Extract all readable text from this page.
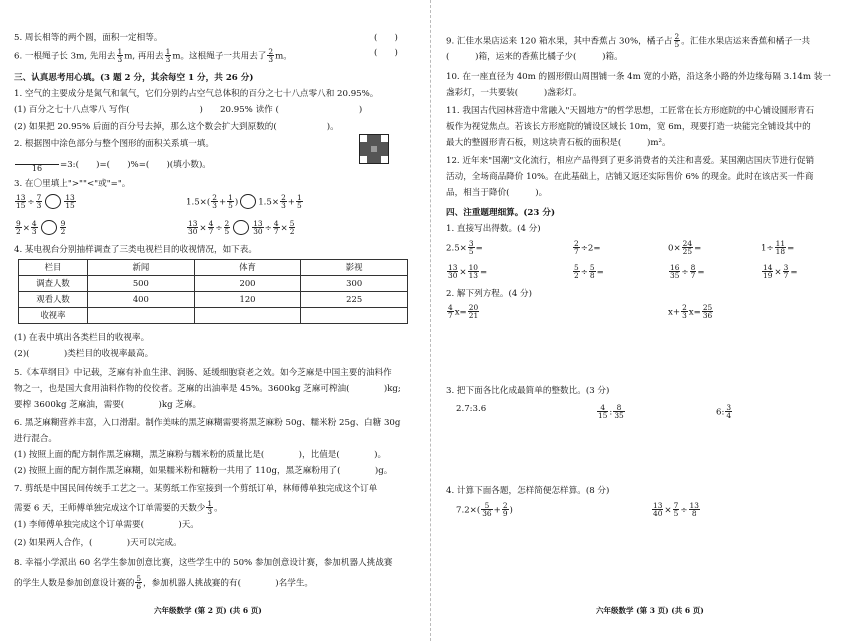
5. 周长相等的两个圆，面积一定相等。	(　　)
6. 一根绳子长 3m, 先用去 $\frac{1}{3} m$, 再用去 $\frac{1}{3}$ m。这根绳子一共用去了 $\frac{2}{3}$ m。	(　　)
三、认真思考用心填。(3 题 2 分，其余每空 1 分，共 26 分)
1. 空气的主要成分是氮气和氧气，它们分别约占空气总体积的百分之七十八点零八和 20.95%。
(1) 百分之七十八点零八 写作(	)　　20.95% 读作 (	)
(2) 如果把 20.95% 后面的百分号去掉，那么这个数会扩大到原数的(	)。
2. 根据图中涂色部分与整个图形的面积关系填一填。

16	=3:(　　)=(　　)%=(　　)(填小数)。
3. 在〇里填上">""<"或"="。
$\frac{13}{15} \div \frac{7}{3}$	$\frac{13}{15}$	$1.5\times( \frac{2}{3} + \frac{1}{5}$ ) $1.5\times \frac{2}{3} + \frac{1}{5}$
$\frac{9}{2} \times \frac{4}{3}$	$\frac{9}{2}$	$\frac{13}{30} \times \frac{4}{7} \div \frac{2}{5}$	$\frac{13}{30} \div \frac{4}{7} \times \frac{5}{2}$
4. 某电视台分别抽样调查了三类电视栏目的收视情况，如下表。
栏目	新闻	体育	影视
调查人数	500	200	300
观看人数	400	120	225
收视率			
(1) 在表中填出各类栏目的收视率。
(2)(　　　　)类栏目的收视率最高。
5.《本草纲目》中记载，芝麻有补血生津、润肠、延缓细胞衰老之效。如今芝麻是中国主要的油料作
物之一，也是国大食用油料作物的佼佼者。芝麻的出油率是 45%。3600kg 芝麻可榨油(　　　　)kg;
要榨 3600kg 芝麻油，需要(　　　　)kg 芝麻。
6. 黑芝麻糊营养丰富，入口滑甜。制作美味的黑芝麻糊需要将黑芝麻粉 50g、糯米粉 25g、白糖 30g
进行混合。
(1) 按照上面的配方制作黑芝麻糊，黑芝麻粉与糯米粉的质量比是(　　　　)，比值是(　　　　)。
(2) 按照上面的配方制作黑芝麻糊，如果糯米粉和糖粉一共用了 110g，黑芝麻粉用了(　　　　)g。
7. 剪纸是中国民间传统手工艺之一。某剪纸工作室接到一个剪纸订单，林师傅单独完成这个订单
需要 6 天，王师傅单独完成这个订单需要的天数少 $\frac{1}{3}$ 。
(1) 李师傅单独完成这个订单需要(　　　　)天。
(2) 如果两人合作，(　　　　)天可以完成。
8. 幸福小学派出 60 名学生参加创意比赛，这些学生中的 50% 参加创意设计赛，参加机器人挑战赛
的学生人数是参加创意设计赛的 $\frac{5}{6}$ ，参加机器人挑战赛的有(　　　　)名学生。
六年级数学 (第 2 页) (共 6 页)
9. 汇佳水果店运来 120 箱水果，其中香蕉占 30%，橘子占 $\frac{2}{5}$ 。汇佳水果店运来香蕉和橘子一共
(　　　)箱，运来的香蕉比橘子少(　　　)箱。
10. 在一座直径为 40m 的圆形假山周围铺一条 4m 宽的小路，沿这条小路的外边缘每隔 3.14m 装一
盏彩灯，一共要装(　　　)盏彩灯。
11. 我国古代园林营造中常融入"天圆地方"的哲学思想，工匠常在长方形庭院的中心铺设圆形青石
板作为视觉焦点。若该长方形庭院的铺设区域长 10m，宽 6m，现要打造一块能完全铺设其中的
最大的整圆形青石板，则这块青石板的面积是(　　　)m²。
12. 近年来"国潮"文化流行，相应产品得到了更多消费者的关注和喜爱。某国潮店国庆节进行促销
活动，全场商品降价 10%。在此基础上，店铺又返还实际售价 6% 的现金。此时在该店买一件商
品，相当于降价(　　　)。
四、注重题理细算。(23 分)
1. 直接写出得数。(4 分)
$2.5\times \frac{3}{5}$ =	$\frac{2}{7} \div 2=$	$0\times \frac{24}{25}$ =	$1\div \frac{11}{18}$ =
$\frac{13}{30} \times \frac{10}{13}$ =	$\frac{5}{2} \div \frac{5}{8}$ =	$\frac{16}{35} \div \frac{8}{7}$ =	$\frac{14}{19} \times \frac{3}{7}$ =
2. 解下列方程。(4 分)
$\frac{4}{7} x= \frac{20}{21}$	$x+ \frac{2}{3} x= \frac{25}{36}$
3. 把下面各比化成最简单的整数比。(3 分)
2.7:3.6	$\frac{4}{15}$ : $\frac{8}{35}$	6: $\frac{3}{4}$
4. 计算下面各题，怎样简便怎样算。(8 分)
$7.2\times( \frac{5}{36} + \frac{2}{9}$ )	$\frac{13}{40} \times \frac{7}{5} \div \frac{13}{8}$
六年级数学 (第 3 页) (共 6 页)
